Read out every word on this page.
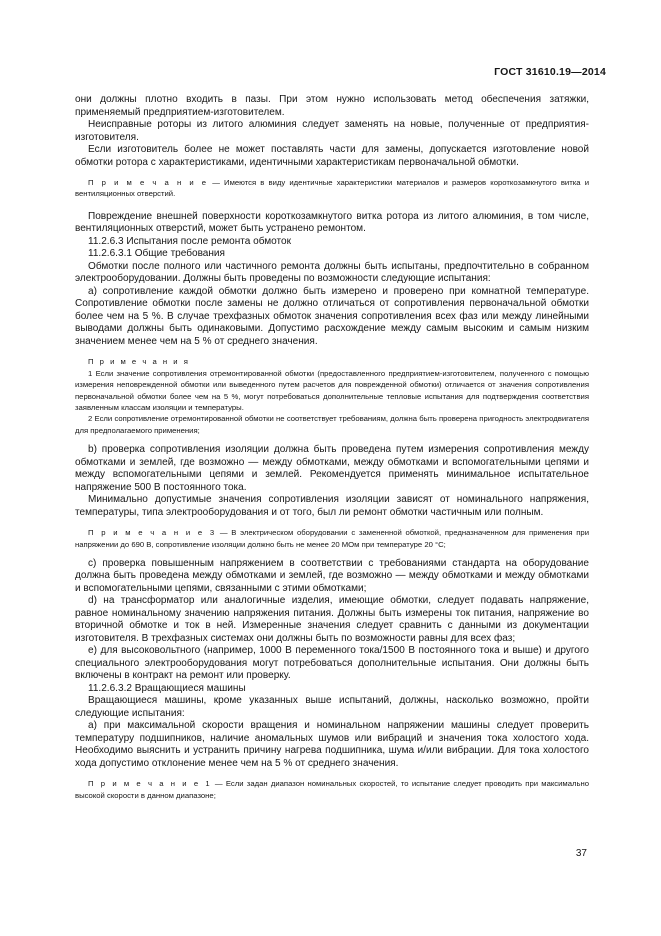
ГОСТ 31610.19—2014

они должны плотно входить в пазы. При этом нужно использовать метод обеспечения затяжки, применяемый предприятием-изготовителем.

Неисправные роторы из литого алюминия следует заменять на новые, полученные от предприятия-изготовителя.

Если изготовитель более не может поставлять части для замены, допускается изготовление новой обмотки ротора с характеристиками, идентичными характеристикам первоначальной обмотки.

П р и м е ч а н и е — Имеются в виду идентичные характеристики материалов и размеров короткозамкнутого витка и вентиляционных отверстий.

Повреждение внешней поверхности короткозамкнутого витка ротора из литого алюминия, в том числе, вентиляционных отверстий, может быть устранено ремонтом.

11.2.6.3 Испытания после ремонта обмоток

11.2.6.3.1 Общие требования

Обмотки после полного или частичного ремонта должны быть испытаны, предпочтительно в собранном электрооборудовании. Должны быть проведены по возможности следующие испытания:

a) сопротивление каждой обмотки должно быть измерено и проверено при комнатной температуре. Сопротивление обмотки после замены не должно отличаться от сопротивления первоначальной обмотки более чем на 5 %. В случае трехфазных обмоток значения сопротивления всех фаз или между линейными выводами должны быть одинаковыми. Допустимо расхождение между самым высоким и самым низким значением менее чем на 5 % от среднего значения.

П р и м е ч а н и я

1 Если значение сопротивления отремонтированной обмотки (предоставленного предприятием-изготовителем, полученного с помощью измерения неповрежденной обмотки или выведенного путем расчетов для поврежденной обмотки) отличается от значения сопротивления первоначальной обмотки более чем на 5 %, могут потребоваться дополнительные тепловые испытания для подтверждения соответствия заявленным классам изоляции и температуры.

2 Если сопротивление отремонтированной обмотки не соответствует требованиям, должна быть проверена пригодность электродвигателя для предполагаемого применения;

b) проверка сопротивления изоляции должна быть проведена путем измерения сопротивления между обмотками и землей, где возможно — между обмотками, между обмотками и вспомогательными цепями и между вспомогательными цепями и землей. Рекомендуется применять минимальное испытательное напряжение 500 В постоянного тока.

Минимально допустимые значения сопротивления изоляции зависят от номинального напряжения, температуры, типа электрооборудования и от того, был ли ремонт обмотки частичным или полным.

П р и м е ч а н и е 3 — В электрическом оборудовании с замененной обмоткой, предназначенном для применения при напряжении до 690 В, сопротивление изоляции должно быть не менее 20 МОм при температуре 20 °С;

c) проверка повышенным напряжением в соответствии с требованиями стандарта на оборудование должна быть проведена между обмотками и землей, где возможно — между обмотками и между обмотками и вспомогательными цепями, связанными с этими обмотками;

d) на трансформатор или аналогичные изделия, имеющие обмотки, следует подавать напряжение, равное номинальному значению напряжения питания. Должны быть измерены ток питания, напряжение во вторичной обмотке и ток в ней. Измеренные значения следует сравнить с данными из документации изготовителя. В трехфазных системах они должны быть по возможности равны для всех фаз;

e) для высоковольтного (например, 1000 В переменного тока/1500 В постоянного тока и выше) и другого специального электрооборудования могут потребоваться дополнительные испытания. Они должны быть включены в контракт на ремонт или проверку.

11.2.6.3.2 Вращающиеся машины

Вращающиеся машины, кроме указанных выше испытаний, должны, насколько возможно, пройти следующие испытания:

a) при максимальной скорости вращения и номинальном напряжении машины следует проверить температуру подшипников, наличие аномальных шумов или вибраций и значения тока холостого хода. Необходимо выяснить и устранить причину нагрева подшипника, шума и/или вибрации. Для тока холостого хода допустимо отклонение менее чем на 5 % от среднего значения.

П р и м е ч а н и е 1 — Если задан диапазон номинальных скоростей, то испытание следует проводить при максимально высокой скорости в данном диапазоне;

37
